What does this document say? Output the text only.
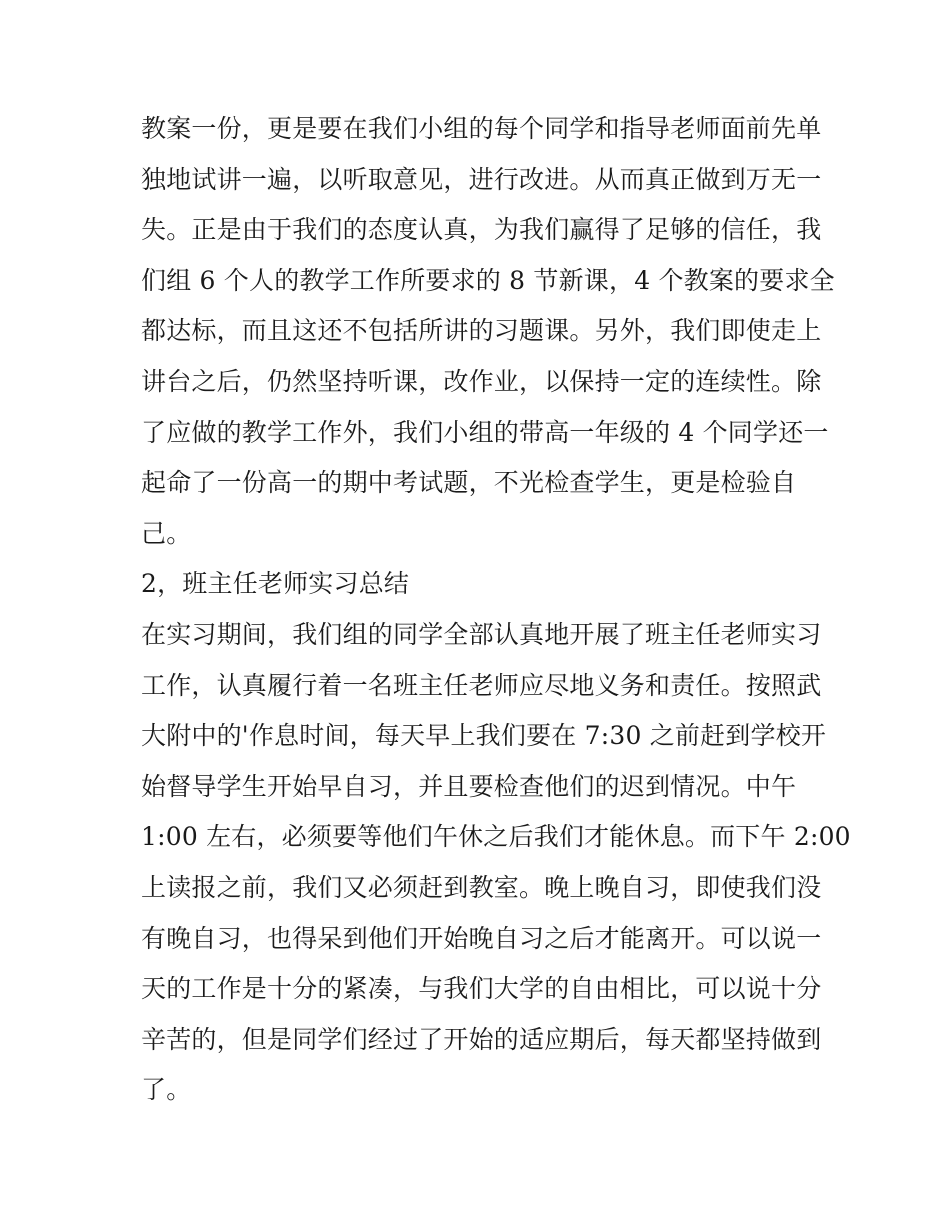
教案一份，更是要在我们小组的每个同学和指导老师面前先单
独地试讲一遍，以听取意见，进行改进。从而真正做到万无一
失。正是由于我们的态度认真，为我们赢得了足够的信任，我
们组 6 个人的教学工作所要求的 8 节新课，4 个教案的要求全
都达标，而且这还不包括所讲的习题课。另外，我们即使走上
讲台之后，仍然坚持听课，改作业，以保持一定的连续性。除
了应做的教学工作外，我们小组的带高一年级的 4 个同学还一
起命了一份高一的期中考试题，不光检查学生，更是检验自
己。
2，班主任老师实习总结
在实习期间，我们组的同学全部认真地开展了班主任老师实习
工作，认真履行着一名班主任老师应尽地义务和责任。按照武
大附中的'作息时间，每天早上我们要在 7:30 之前赶到学校开
始督导学生开始早自习，并且要检查他们的迟到情况。中午
1:00 左右，必须要等他们午休之后我们才能休息。而下午 2:00
上读报之前，我们又必须赶到教室。晚上晚自习，即使我们没
有晚自习，也得呆到他们开始晚自习之后才能离开。可以说一
天的工作是十分的紧凑，与我们大学的自由相比，可以说十分
辛苦的，但是同学们经过了开始的适应期后，每天都坚持做到
了。
